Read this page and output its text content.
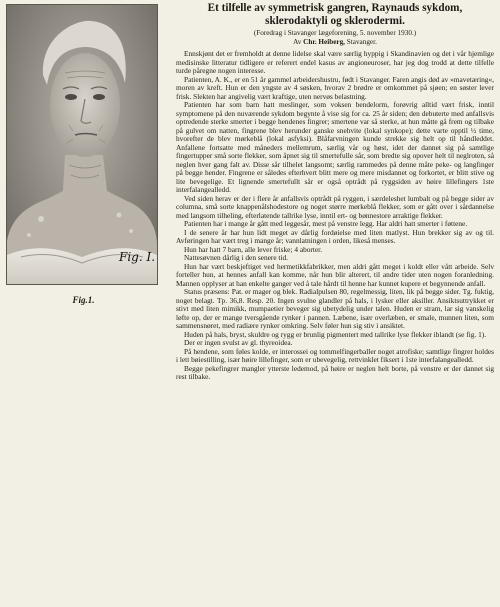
Fig. I.
Fig.1.
Et tilfelle av symmetrisk gangren, Raynauds sykdom, sklerodaktyli og sklerodermi.
(Foredrag i Stavanger lægeforening, 5. november 1930.)
Av Chr. Heiberg, Stavanger.

Ennskjønt det er fremholdt at denne lidelse skal være særlig hyppig i Skandinavien og det i vår hjemlige medisinske litteratur tidligere er referert endel kasus av angioneuroser, har jeg dog trodd at dette tilfelle turde påregne nogen interesse.

Patienten, A. K., er en 51 år gammel arbeidershustru, født i Stavanger. Faren angis død av »mavetæring«, moren av kreft. Hun er den yngste av 4 søsken, hvorav 2 brødre er omkommet på sjøen; en søster lever frisk. Slekten har angivelig vært kraftige, uten nervøs belastning.

Patienten har som barn hatt meslinger, som voksen bendelorm, forøvrig alltid vært frisk, inntil symptomene på den nuværende sykdom begynte å vise sig for ca. 25 år siden; den debuterte med anfallsvis optredende sterke smerter i begge hendenes fingrer; smertene var så sterke, at hun måtte gå frem og tilbake på gulvet om natten, fingrene blev herunder ganske snehvite (lokal synkope); dette varte opptil ½ time, hvorefter de blev mørkeblå (lokal asfyksi). Blåfarvningen kunde strekke sig helt op til håndleddet. Anfallene fortsatte med måneders mellemrum, særlig vår og høst, idet der dannet sig på samtlige fingertupper små sorte flekker, som åpnet sig til smertefulle sår, som bredte sig opover helt til neglroten, så neglen hver gang falt av. Disse sår tilhelet langsomt; særlig rammedes på denne måte peke- og langfinger på begge hender. Fingrene er således efterhvert blitt mere og mere misdannet og forkortet, er blitt stive og lite bevegelige. Et lignende smertefullt sår er også optrådt på ryggsiden av høire lillefingers 1ste interfalangealledd.

Ved siden herav er der i flere år anfallsvis optrådt på ryggen, i særdeleshet lumbalt og på begge sider av columna, små sorte knappenålshodestore og noget større mørkeblå flekker, som er gått over i sårdannelse med langsom tilheling, efterlatende tallrike lyse, inntil ert- og bønnestore arraktige flekker.

Patienten har i mange år gått med leggesår, mest på venstre legg. Har aldri hatt smerter i føttene.

I de senere år har hun lidt meget av dårlig fordøielse med liten matlyst. Hun brekker sig av og til. Avføringen har vært treg i mange år; vannlatningen i orden, likeså menses.

Hun har hatt 7 barn, alle lever friske; 4 aborter.

Nattesøvnen dårlig i den senere tid.

Hun har vært beskjeftiget ved hermetikkfabrikker, men aldri gått meget i koldt eller vått arbeide. Selv forteller hun, at hennes anfall kan komme, når hun blir alterert, til andre tider uten nogen foranledning. Mannen opplyser at han enkelte ganger ved å tale hårdt til henne har kunnet kupere et begynnende anfall.

Status præsens: Pat. er mager og blek. Radialpulsen 80, regelmessig, liten, lik på begge sider. Tg. fuktig, noget belagt. Tp. 36,8. Resp. 20. Ingen svulne glandler på hals, i lysker eller aksiller. Ansiktsuttrykket er stivt med liten mimikk, mumpaetier beveger sig ubetydelig under talen. Huden er stram, lar sig vanskelig løfte op, der er mange tversgående rynker i pannen. Læbene, især overlæben, er smale, munnen liten, som sammensnøret, med radiære rynker omkring. Selv føler hun sig stiv i ansiktet.

Huden på hals, bryst, skuldre og rygg er brunlig pigmentert med tallrike lyse flekker iblandt (se fig. 1).

Der er ingen svulst av gl. thyreoidea.

På hendene, som føles kolde, er interossei og tommelfingerballer noget atrofiske; samtlige fingrer holdes i lett bøiestilling, især høire lillefinger, som er ubevegelig, rettvinklet fiksert i 1ste interfalangealledd.

Begge pekefingrer mangler ytterste ledemod, på høire er neglen helt borte, på venstre er der dannet sig rest tilbake.
